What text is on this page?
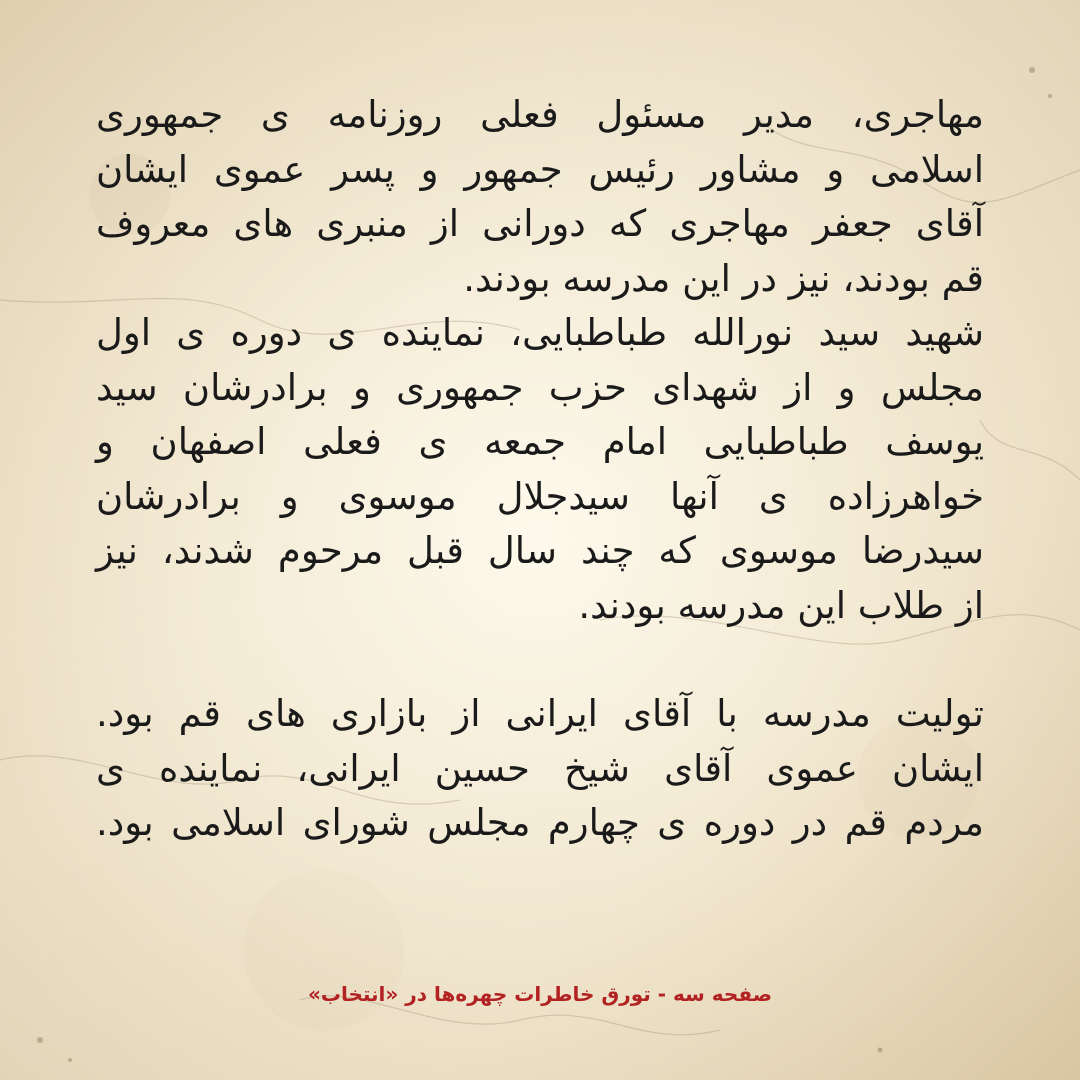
مهاجری، مدیر مسئول فعلی روزنامه ی جمهوری
اسلامی و مشاور رئیس جمهور و پسر عموی ایشان
آقای جعفر مهاجری که دورانی از منبری های معروف
قم بودند، نیز در این مدرسه بودند.

شهید سید نورالله طباطبایی، نماینده ی دوره ی اول
مجلس و از شهدای حزب جمهوری و برادرشان سید
یوسف طباطبایی امام جمعه ی فعلی اصفهان و
خواهرزاده ی آنها سیدجلال موسوی و برادرشان
سیدرضا موسوی که چند سال قبل مرحوم شدند، نیز
از طلاب این مدرسه بودند.

تولیت مدرسه با آقای ایرانی از بازاری های قم بود.
ایشان عموی آقای شیخ حسین ایرانی، نماینده ی
مردم قم در دوره ی چهارم مجلس شورای اسلامی بود.

صفحه سه - تورق خاطرات چهره‌ها در «انتخاب»
